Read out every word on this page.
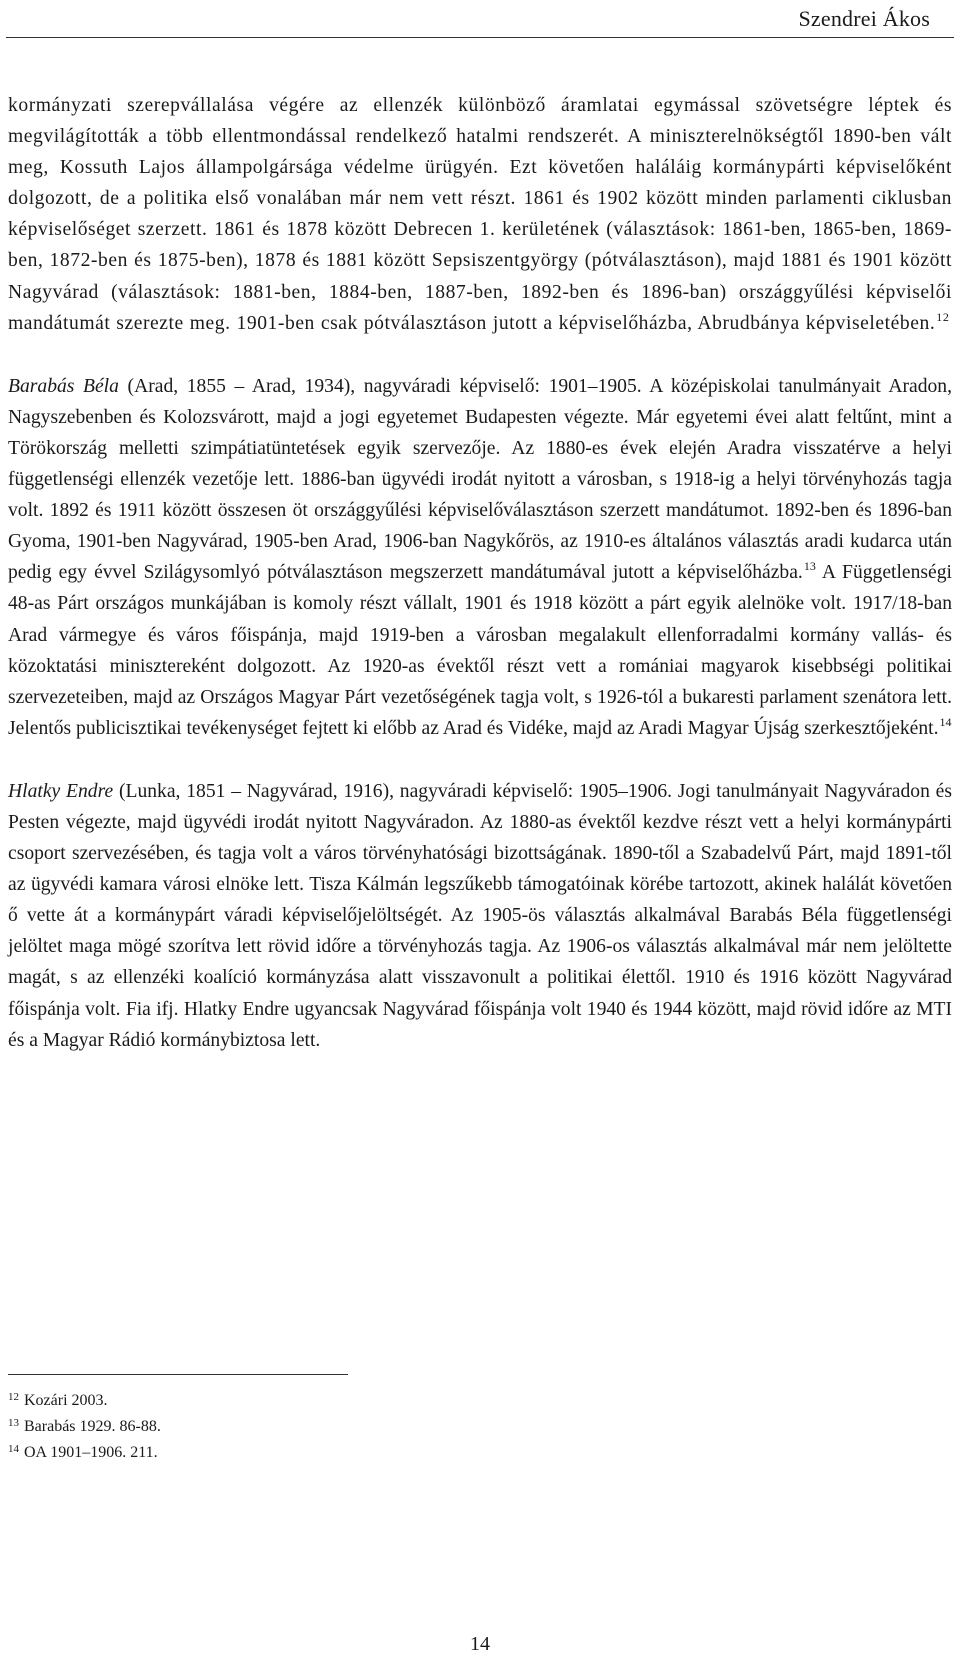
Szendrei Ákos

kormányzati szerepvállalása végére az ellenzék különböző áramlatai egymással szövetségre léptek és megvilágították a több ellentmondással rendelkező hatalmi rendszerét. A miniszterelnökségtől 1890-ben vált meg, Kossuth Lajos állampolgársága védelme ürügyén. Ezt követően haláláig kormánypárti képviselőként dolgozott, de a politika első vonalában már nem vett részt. 1861 és 1902 között minden parlamenti ciklusban képviselőséget szerzett. 1861 és 1878 között Debrecen 1. kerületének (választások: 1861-ben, 1865-ben, 1869-ben, 1872-ben és 1875-ben), 1878 és 1881 között Sepsiszentgyörgy (pótválasztáson), majd 1881 és 1901 között Nagyvárad (választások: 1881-ben, 1884-ben, 1887-ben, 1892-ben és 1896-ban) országgyűlési képviselői mandátumát szerezte meg. 1901-ben csak pótválasztáson jutott a képviselőházba, Abrudbánya képviseletében.$^{12}$

Barabás Béla (Arad, 1855 – Arad, 1934), nagyváradi képviselő: 1901–1905. A középiskolai tanulmányait Aradon, Nagyszebenben és Kolozsvárott, majd a jogi egyetemet Budapesten végezte. Már egyetemi évei alatt feltűnt, mint a Törökország melletti szimpátiatüntetések egyik szervezője. Az 1880-es évek elején Aradra visszatérve a helyi függetlenségi ellenzék vezetője lett. 1886-ban ügyvédi irodát nyitott a városban, s 1918-ig a helyi törvényhozás tagja volt. 1892 és 1911 között összesen öt országgyűlési képviselőválasztáson szerzett mandátumot. 1892-ben és 1896-ban Gyoma, 1901-ben Nagyvárad, 1905-ben Arad, 1906-ban Nagykőrös, az 1910-es általános választás aradi kudarca után pedig egy évvel Szilágysomlyó pótválasztáson megszerzett mandátumával jutott a képviselőházba.$^{13}$ A Függetlenségi 48-as Párt országos munkájában is komoly részt vállalt, 1901 és 1918 között a párt egyik alelnöke volt. 1917/18-ban Arad vármegye és város főispánja, majd 1919-ben a városban megalakult ellenforradalmi kormány vallás- és közoktatási minisztereként dolgozott. Az 1920-as évektől részt vett a romániai magyarok kisebbségi politikai szervezeteiben, majd az Országos Magyar Párt vezetőségének tagja volt, s 1926-tól a bukaresti parlament szenátora lett. Jelentős publicisztikai tevékenységet fejtett ki előbb az Arad és Vidéke, majd az Aradi Magyar Újság szerkesztőjeként.$^{14}$

Hlatky Endre (Lunka, 1851 – Nagyvárad, 1916), nagyváradi képviselő: 1905–1906. Jogi tanulmányait Nagyváradon és Pesten végezte, majd ügyvédi irodát nyitott Nagyváradon. Az 1880-as évektől kezdve részt vett a helyi kormánypárti csoport szervezésében, és tagja volt a város törvényhatósági bizottságának. 1890-től a Szabadelvű Párt, majd 1891-től az ügyvédi kamara városi elnöke lett. Tisza Kálmán legszűkebb támogatóinak körébe tartozott, akinek halálát követően ő vette át a kormánypárt váradi képviselőjelöltségét. Az 1905-ös választás alkalmával Barabás Béla függetlenségi jelöltet maga mögé szorítva lett rövid időre a törvényhozás tagja. Az 1906-os választás alkalmával már nem jelöltette magát, s az ellenzéki koalíció kormányzása alatt visszavonult a politikai élettől. 1910 és 1916 között Nagyvárad főispánja volt. Fia ifj. Hlatky Endre ugyancsak Nagyvárad főispánja volt 1940 és 1944 között, majd rövid időre az MTI és a Magyar Rádió kormánybiztosa lett.

$^{12}$ Kozári 2003.
$^{13}$ Barabás 1929. 86-88.
$^{14}$ OA 1901–1906. 211.
14
